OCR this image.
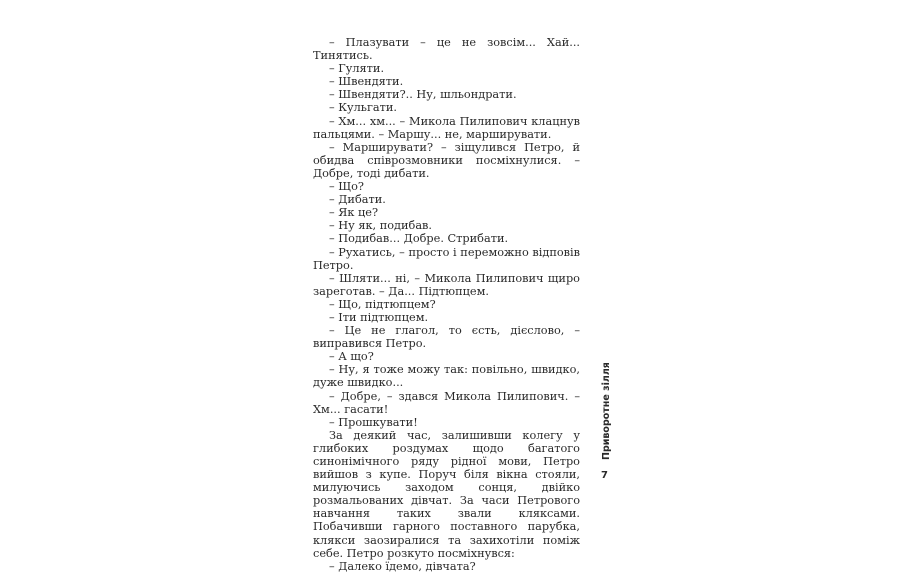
– Плазувати – це не зовсім... Хай... Тинятись.

– Гуляти.

– Швендяти.

– Швендяти?.. Ну, шльондрати.

– Кульгати.

– Хм... хм... – Микола Пилипович клацнув пальцями. – Маршу... не, марширувати.

– Марширувати? – зіщулився Петро, й обидва співрозмовники посміхнулися. – Добре, тоді дибати.

– Що?

– Дибати.

– Як це?

– Ну як, подибав.

– Подибав... Добре. Стрибати.

– Рухатись, – просто і переможно відповів Петро.

– Шляти... ні, – Микола Пилипович щиро зареготав. – Да... Підтюпцем.

– Що, підтюпцем?

– Іти підтюпцем.

– Це не глагол, то єсть, дієслово, – виправився Петро.

– А що?

– Ну, я тоже можу так: повільно, швидко, дуже швидко...

– Добре, – здався Микола Пилипович. – Хм... гасати!

– Прошкувати!

За деякий час, залишивши колегу у глибоких роздумах щодо багатого синонімічного ряду рідної мови, Петро вийшов з купе. Поруч біля вікна стояли, милуючись заходом сонця, двійко розмальованих дівчат. За часи Петрового навчання таких звали кляксами. Побачивши гарного поставного парубка, клякси заозиралися та захихотіли поміж себе. Петро розкуто посміхнувся:

– Далеко їдемо, дівчата?

Приворотне зілля
7
